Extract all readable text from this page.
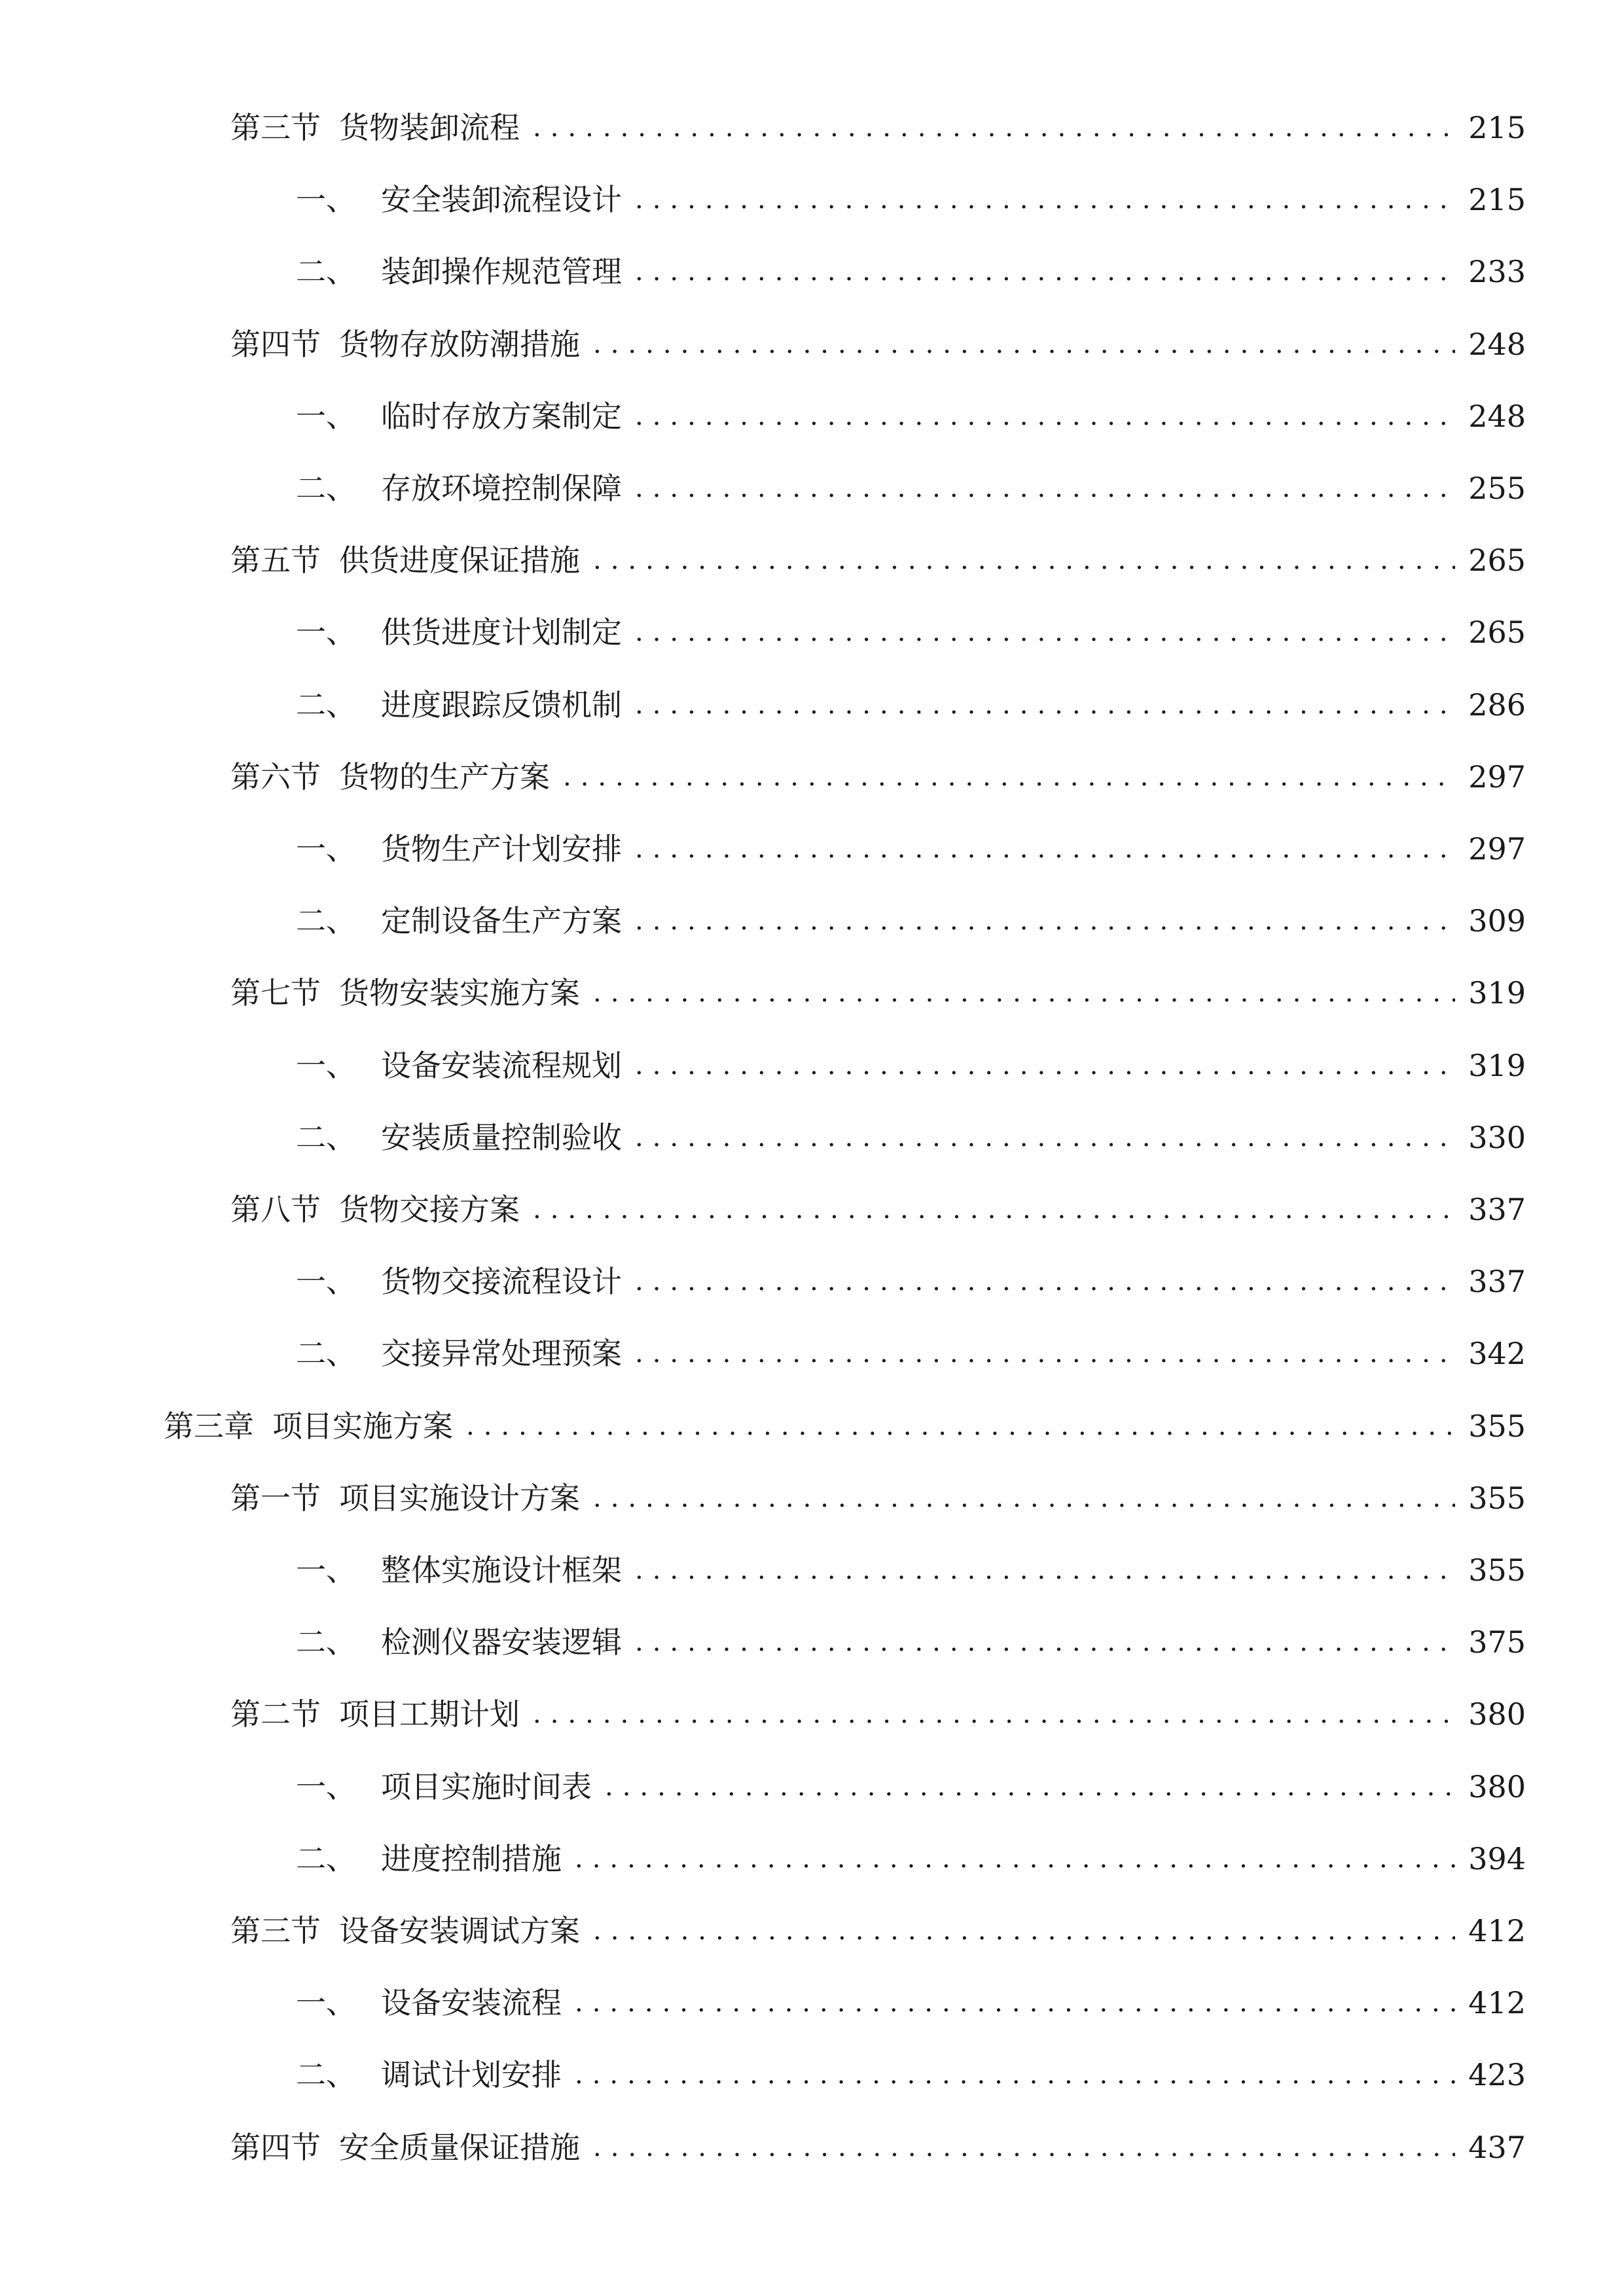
第三节 货物装卸流程 .....	215
一、 安全装卸流程设计 .....	215
二、 装卸操作规范管理 .....	233
第四节 货物存放防潮措施 .....	248
一、 临时存放方案制定 .....	248
二、 存放环境控制保障 .....	255
第五节 供货进度保证措施 .....	265
一、 供货进度计划制定 .....	265
二、 进度跟踪反馈机制 .....	286
第六节 货物的生产方案 .....	297
一、 货物生产计划安排 .....	297
二、 定制设备生产方案 .....	309
第七节 货物安装实施方案 .....	319
一、 设备安装流程规划 .....	319
二、 安装质量控制验收 .....	330
第八节 货物交接方案 .....	337
一、 货物交接流程设计 .....	337
二、 交接异常处理预案 .....	342
第三章 项目实施方案 .....	355
第一节 项目实施设计方案 .....	355
一、 整体实施设计框架 .....	355
二、 检测仪器安装逻辑 .....	375
第二节 项目工期计划 .....	380
一、 项目实施时间表 .....	380
二、 进度控制措施 .....	394
第三节 设备安装调试方案 .....	412
一、 设备安装流程 .....	412
二、 调试计划安排 .....	423
第四节 安全质量保证措施 .....	437
